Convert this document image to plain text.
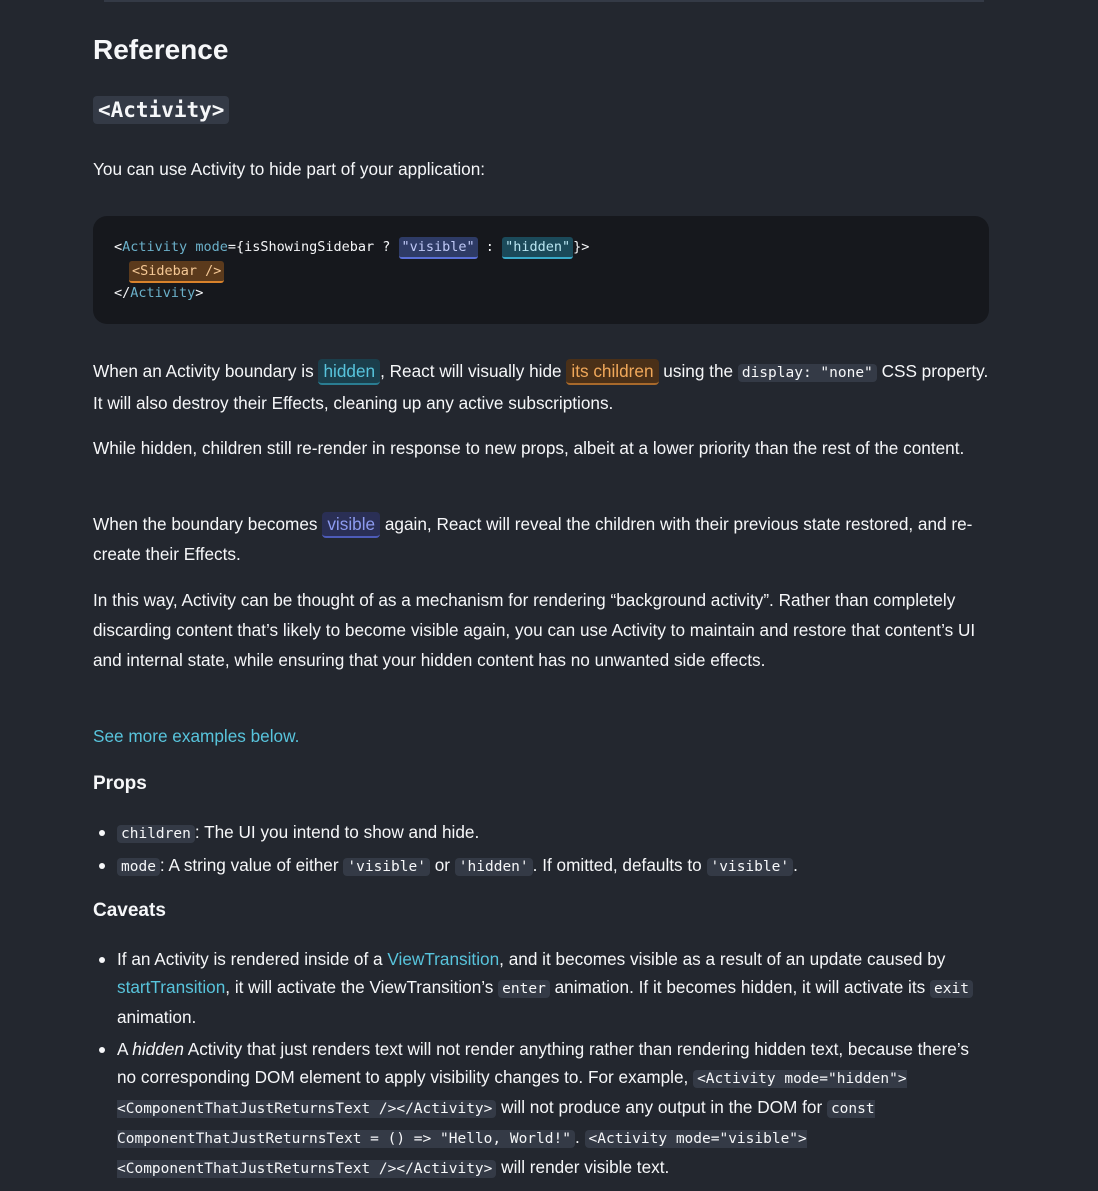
Reference
<Activity>

You can use Activity to hide part of your application:

<Activity mode={isShowingSidebar ? "visible" : "hidden" }>
<Sidebar />
</Activity>

When an Activity boundary is hidden , React will visually hide its children using the display: "none" CSS property. It will also destroy their Effects, cleaning up any active subscriptions.

While hidden, children still re-render in response to new props, albeit at a lower priority than the rest of the content.

When the boundary becomes visible again, React will reveal the children with their previous state restored, and re-create their Effects.

In this way, Activity can be thought of as a mechanism for rendering “background activity”. Rather than completely discarding content that’s likely to become visible again, you can use Activity to maintain and restore that content’s UI and internal state, while ensuring that your hidden content has no unwanted side effects.

See more examples below.

Props
children : The UI you intend to show and hide.
mode : A string value of either 'visible' or 'hidden' . If omitted, defaults to 'visible' .
Caveats
If an Activity is rendered inside of a ViewTransition, and it becomes visible as a result of an update caused by startTransition, it will activate the ViewTransition’s enter animation. If it becomes hidden, it will activate its exit animation.
A hidden Activity that just renders text will not render anything rather than rendering hidden text, because there’s no corresponding DOM element to apply visibility changes to. For example, <Activity mode="hidden"><ComponentThatJustReturnsText /></Activity> will not produce any output in the DOM for const ComponentThatJustReturnsText = () => "Hello, World!" . <Activity mode="visible"><ComponentThatJustReturnsText /></Activity> will render visible text.
